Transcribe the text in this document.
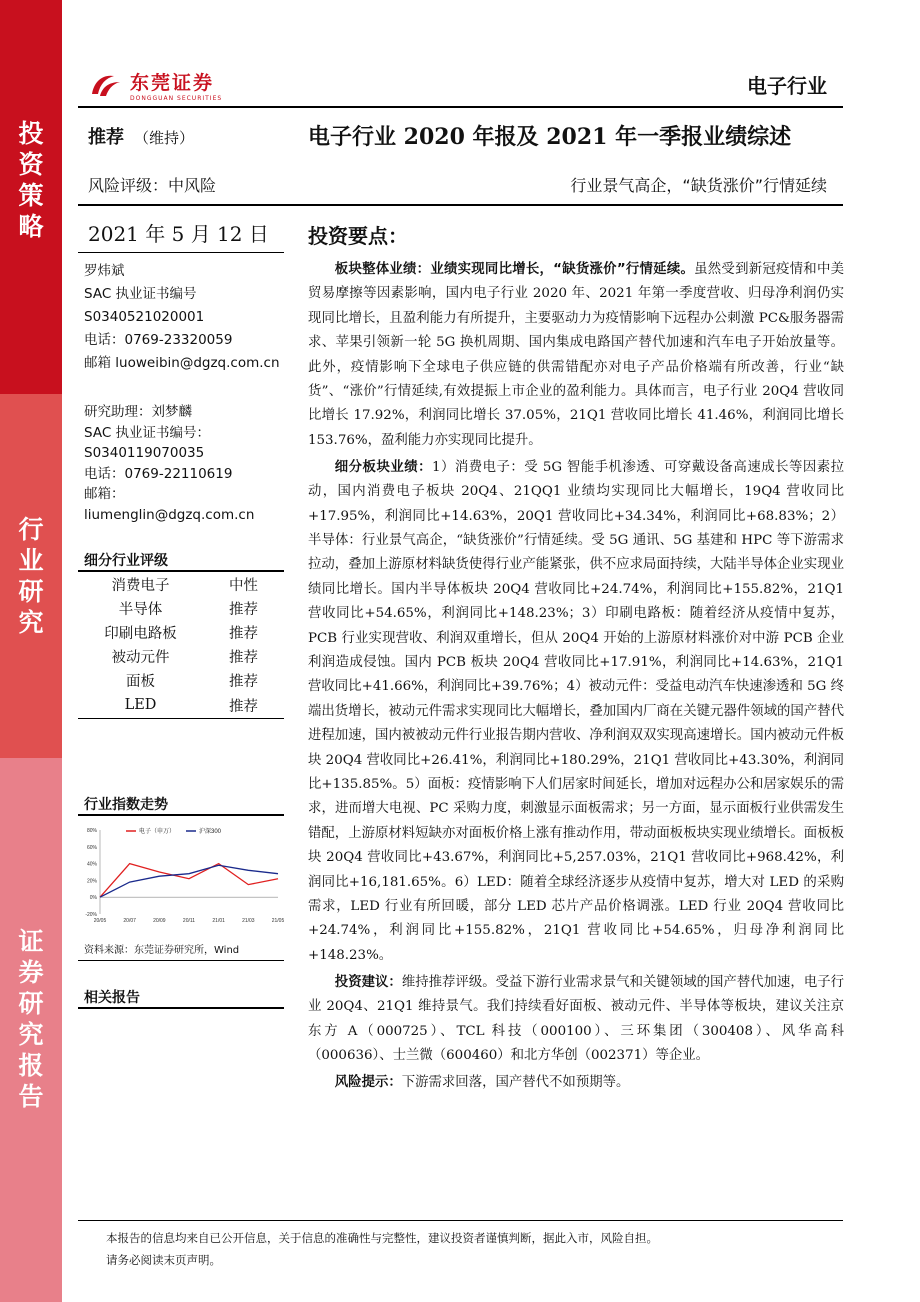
投
资
策
略
行
业
研
究
证
券
研
究
报
告
东莞证券
DONGGUAN SECURITIES
电子行业
推荐 （维持）	电子行业 2020 年报及 2021 年一季报业绩综述
风险评级：中风险	行业景气高企，“缺货涨价”行情延续
2021 年 5 月 12 日
罗炜斌
SAC 执业证书编号
S0340521020001
电话：0769-23320059
邮箱 luoweibin@dgzq.com.cn
研究助理：刘梦麟
SAC 执业证书编号：
S0340119070035
电话：0769-22110619
邮箱：
liumenglin@dgzq.com.cn
细分行业评级
消费电子	中性
半导体	推荐
印刷电路板	推荐
被动元件	推荐
面板	推荐
LED	推荐
行业指数走势
80%
60%
40%
20%
0%
-20%
20/05	20/07	20/09	20/11	21/01	21/03	21/05
电子（申万）	沪深300
资料来源：东莞证券研究所，Wind
相关报告
投资要点：

板块整体业绩：业绩实现同比增长，“缺货涨价”行情延续。虽然受到新冠疫情和中美贸易摩擦等因素影响，国内电子行业 2020 年、2021 年第一季度营收、归母净利润仍实现同比增长，且盈利能力有所提升，主要驱动力为疫情影响下远程办公刺激 PC&服务器需求、苹果引领新一轮 5G 换机周期、国内集成电路国产替代加速和汽车电子开始放量等。此外，疫情影响下全球电子供应链的供需错配亦对电子产品价格端有所改善，行业“缺货”、“涨价”行情延续,有效提振上市企业的盈利能力。具体而言，电子行业 20Q4 营收同比增长 17.92%，利润同比增长 37.05%，21Q1 营收同比增长 41.46%，利润同比增长 153.76%，盈利能力亦实现同比提升。

细分板块业绩：1）消费电子：受 5G 智能手机渗透、可穿戴设备高速成长等因素拉动，国内消费电子板块 20Q4、21QQ1 业绩均实现同比大幅增长，19Q4 营收同比+17.95%，利润同比+14.63%，20Q1 营收同比+34.34%，利润同比+68.83%；2）半导体：行业景气高企，“缺货涨价”行情延续。受 5G 通讯、5G 基建和 HPC 等下游需求拉动，叠加上游原材料缺货使得行业产能紧张，供不应求局面持续，大陆半导体企业实现业绩同比增长。国内半导体板块 20Q4 营收同比+24.74%，利润同比+155.82%，21Q1 营收同比+54.65%，利润同比+148.23%；3）印刷电路板：随着经济从疫情中复苏，PCB 行业实现营收、利润双重增长，但从 20Q4 开始的上游原材料涨价对中游 PCB 企业利润造成侵蚀。国内 PCB 板块 20Q4 营收同比+17.91%，利润同比+14.63%，21Q1 营收同比+41.66%，利润同比+39.76%；4）被动元件：受益电动汽车快速渗透和 5G 终端出货增长，被动元件需求实现同比大幅增长，叠加国内厂商在关键元器件领域的国产替代进程加速，国内被被动元件行业报告期内营收、净利润双双实现高速增长。国内被动元件板块 20Q4 营收同比+26.41%，利润同比+180.29%，21Q1 营收同比+43.30%，利润同比+135.85%。5）面板：疫情影响下人们居家时间延长，增加对远程办公和居家娱乐的需求，进而增大电视、PC 采购力度，刺激显示面板需求；另一方面，显示面板行业供需发生错配，上游原材料短缺亦对面板价格上涨有推动作用，带动面板板块实现业绩增长。面板板块 20Q4 营收同比+43.67%，利润同比+5,257.03%，21Q1 营收同比+968.42%，利润同比+16,181.65%。6）LED：随着全球经济逐步从疫情中复苏，增大对 LED 的采购需求，LED 行业有所回暖，部分 LED 芯片产品价格调涨。LED 行业 20Q4 营收同比+24.74%，利润同比+155.82%，21Q1 营收同比+54.65%，归母净利润同比+148.23%。

投资建议：维持推荐评级。受益下游行业需求景气和关键领域的国产替代加速，电子行业 20Q4、21Q1 维持景气。我们持续看好面板、被动元件、半导体等板块，建议关注京东方 A（000725）、TCL 科技（000100）、三环集团（300408）、风华高科（000636）、士兰微（600460）和北方华创（002371）等企业。

风险提示：下游需求回落，国产替代不如预期等。

本报告的信息均来自已公开信息，关于信息的准确性与完整性，建议投资者谨慎判断，据此入市，风险自担。
请务必阅读末页声明。
